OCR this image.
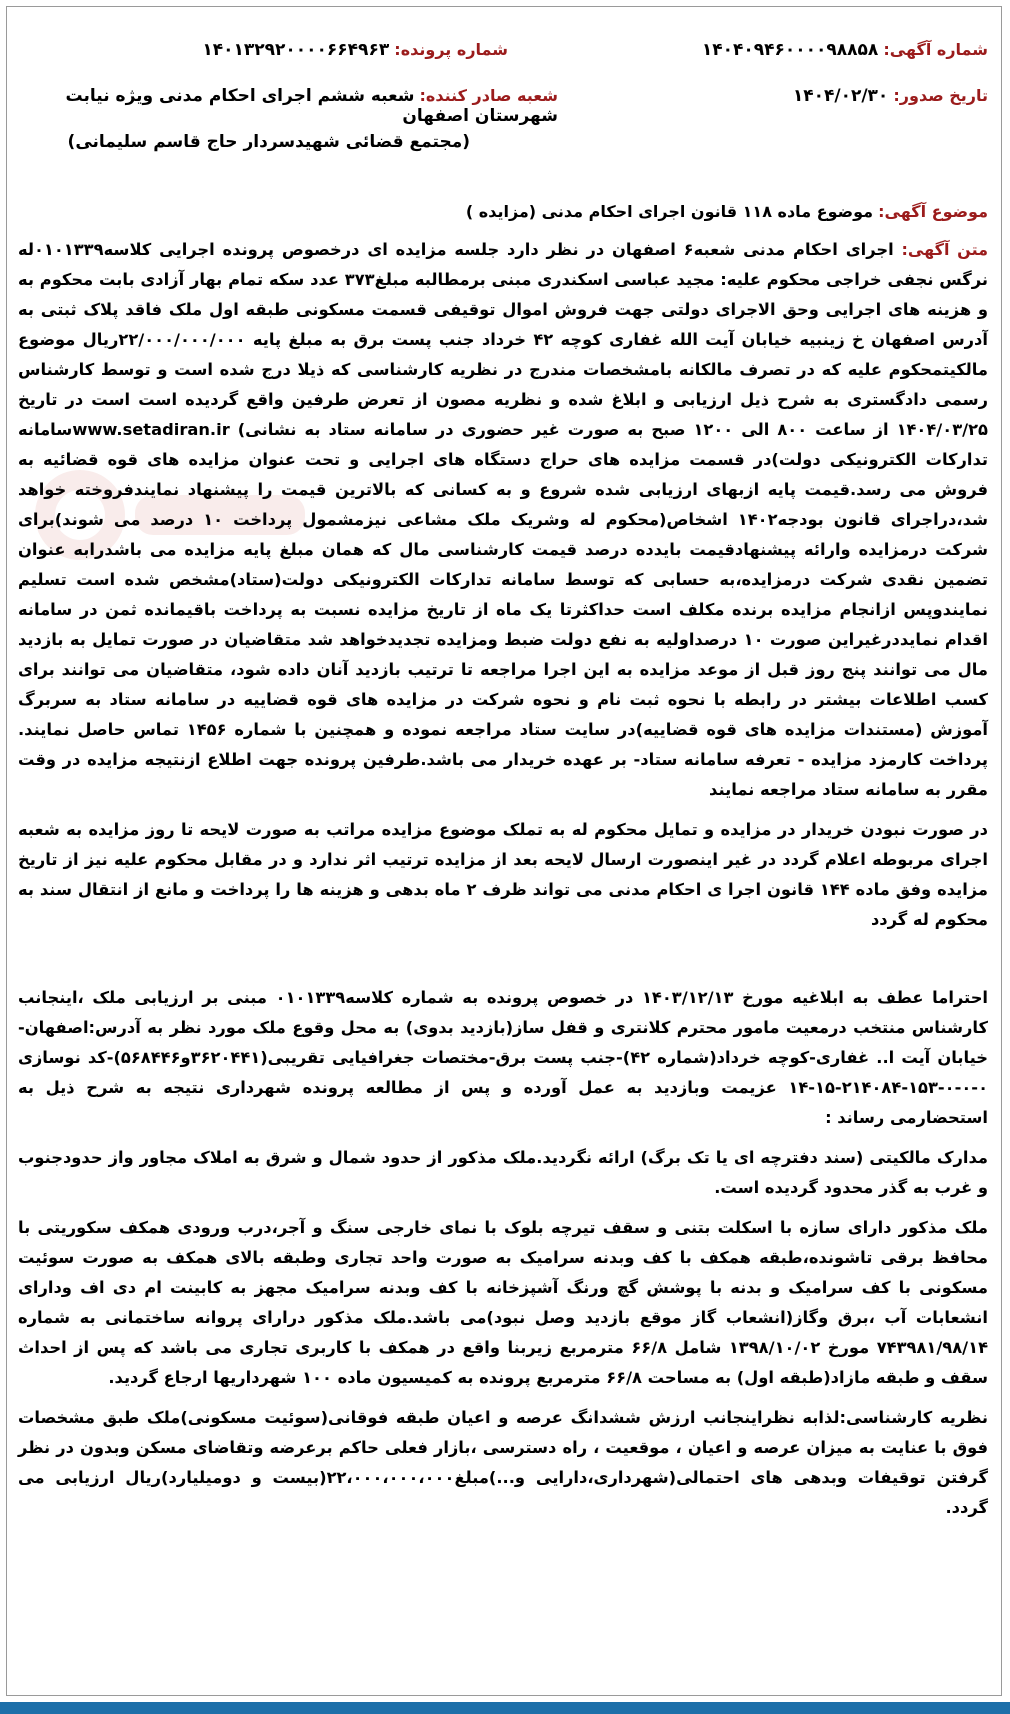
شماره آگهی: ۱۴۰۴۰۹۴۶۰۰۰۰۹۸۸۵۸
شماره پرونده: ۱۴۰۱۳۲۹۲۰۰۰۰۶۶۴۹۶۳
تاریخ صدور: ۱۴۰۴/۰۲/۳۰
شعبه صادر کننده: شعبه ششم اجرای احکام مدنی ویژه نیابت شهرستان اصفهان
(مجتمع قضائی شهیدسردار حاج قاسم سلیمانی)
موضوع آگهی: موضوع ماده ۱۱۸ قانون اجرای احکام مدنی (مزایده )
متن آگهی: اجرای احکام مدنی شعبه۶ اصفهان در نظر دارد جلسه مزایده ای درخصوص پرونده اجرایی کلاسه۰۱۰۱۳۳۹له نرگس نجفی خراجی محکوم علیه: مجید عباسی اسکندری مبنی برمطالبه مبلغ۳۷۳ عدد سکه تمام بهار آزادی بابت محکوم به و هزینه های اجرایی وحق الاجرای دولتی جهت فروش اموال توقیفی قسمت مسکونی طبقه اول ملک فاقد پلاک ثبتی به آدرس اصفهان خ زینبیه خیابان آیت الله غفاری کوچه ۴۲ خرداد جنب پست برق به مبلغ پایه ۲۲/۰۰۰/۰۰۰/۰۰۰ریال موضوع مالکیتمحکوم علیه که در تصرف مالکانه بامشخصات مندرج در نظریه کارشناسی که ذیلا درج شده است و توسط کارشناس رسمی دادگستری به شرح ذیل ارزیابی و ابلاغ شده و نظریه مصون از تعرض طرفین واقع گردیده است است در تاریخ ۱۴۰۴/۰۳/۲۵ از ساعت ۸۰۰ الی ۱۲۰۰ صبح به صورت غیر حضوری در سامانه ستاد به نشانی) www.setadiran.irسامانه تدارکات الکترونیکی دولت)در قسمت مزایده های حراج دستگاه های اجرایی و تحت عنوان مزایده های قوه قضائیه به فروش می رسد.قیمت پایه ازبهای ارزیابی شده شروع و به کسانی که بالاترین قیمت را پیشنهاد نمایندفروخته خواهد شد،دراجرای قانون بودجه۱۴۰۲ اشخاص(محکوم له وشریک ملک مشاعی نیزمشمول پرداخت ۱۰ درصد می شوند)برای شرکت درمزایده وارائه پیشنهادقیمت بایدده درصد قیمت کارشناسی مال که همان مبلغ پایه مزایده می باشدرابه عنوان تضمین نقدی شرکت درمزایده،به حسابی که توسط سامانه تدارکات الکترونیکی دولت(ستاد)مشخص شده است تسلیم نمایندوپس ازانجام مزایده برنده مکلف است حداکثرتا یک ماه از تاریخ مزایده نسبت به پرداخت باقیمانده ثمن در سامانه اقدام نمایددرغیراین صورت ۱۰ درصداولیه به نفع دولت ضبط ومزایده تجدیدخواهد شد متقاضیان در صورت تمایل به بازدید مال می توانند پنج روز قبل از موعد مزایده به این اجرا مراجعه تا ترتیب بازدید آنان داده شود، متقاضیان می توانند برای کسب اطلاعات بیشتر در رابطه با نحوه ثبت نام و نحوه شرکت در مزایده های قوه قضاییه در سامانه ستاد به سربرگ آموزش (مستندات مزایده های قوه قضاییه)در سایت ستاد مراجعه نموده و همچنین با شماره ۱۴۵۶ تماس حاصل نمایند. پرداخت کارمزد مزایده - تعرفه سامانه ستاد- بر عهده خریدار می باشد.طرفین پرونده جهت اطلاع ازنتیجه مزایده در وقت مقرر به سامانه ستاد مراجعه نمایند
در صورت نبودن خریدار در مزایده و تمایل محکوم له به تملک موضوع مزایده مراتب به صورت لایحه تا روز مزایده به شعبه اجرای مربوطه اعلام گردد در غیر اینصورت ارسال لایحه بعد از مزایده ترتیب اثر ندارد و در مقابل محکوم علیه نیز از تاریخ مزایده وفق ماده ۱۴۴ قانون اجرا ی احکام مدنی می تواند ظرف ۲ ماه بدهی و هزینه ها را پرداخت و مانع از انتقال سند به محکوم له گردد
احتراما عطف به ابلاغیه مورخ ۱۴۰۳/۱۲/۱۳ در خصوص پرونده به شماره کلاسه۰۱۰۱۳۳۹ مبنی بر ارزیابی ملک ،اینجانب کارشناس منتخب درمعیت مامور محترم کلانتری و قفل ساز(بازدید بدوی) به محل وقوع ملک مورد نظر به آدرس:اصفهان-خیابان آیت ا.. غفاری-کوچه خرداد(شماره ۴۲)-جنب پست برق-مختصات جغرافیایی تقریبی(۳۶۲۰۴۴۱و۵۶۸۴۴۶)-کد نوسازی ۰-۰-۰-۱۵۳-۲۱۴۰۸۴-۱۵-۱۴ عزیمت وبازدید به عمل آورده و پس از مطالعه پرونده شهرداری نتیجه به شرح ذیل به استحضارمی رساند :
مدارک مالکیتی (سند دفترچه ای یا تک برگ) ارائه نگردید.ملک مذکور از حدود شمال و شرق به املاک مجاور واز حدودجنوب و غرب به گذر محدود گردیده است.
ملک مذکور دارای سازه با اسکلت بتنی و سقف تیرچه بلوک با نمای خارجی سنگ و آجر،درب ورودی همکف سکوریتی با محافظ برقی تاشونده،طبقه همکف با کف وبدنه سرامیک به صورت واحد تجاری وطبقه بالای همکف به صورت سوئیت مسکونی با کف سرامیک و بدنه با پوشش گچ ورنگ آشپزخانه با کف وبدنه سرامیک مجهز به کابینت ام دی اف ودارای انشعابات آب ،برق وگاز(انشعاب گاز موقع بازدید وصل نبود)می باشد.ملک مذکور درارای پروانه ساختمانی به شماره ۷۴۳۹۸۱/۹۸/۱۴ مورخ ۱۳۹۸/۱۰/۰۲ شامل ۶۶/۸ مترمربع زیربنا واقع در همکف با کاربری تجاری می باشد که پس از احداث سقف و طبقه مازاد(طبقه اول) به مساحت ۶۶/۸ مترمربع پرونده به کمیسیون ماده ۱۰۰ شهرداریها ارجاع گردید.
نظریه کارشناسی:لذابه نظراینجانب ارزش ششدانگ عرصه و اعیان طبقه فوقانی(سوئیت مسکونی)ملک طبق مشخصات فوق با عنایت به میزان عرصه و اعیان ، موقعیت ، راه دسترسی ،بازار فعلی حاکم برعرضه وتقاضای مسکن وبدون در نظر گرفتن توقیفات وبدهی های احتمالی(شهرداری،دارایی و...)مبلغ۲۲،۰۰۰،۰۰۰،۰۰۰(بیست و دومیلیارد)ریال ارزیابی می گردد.
